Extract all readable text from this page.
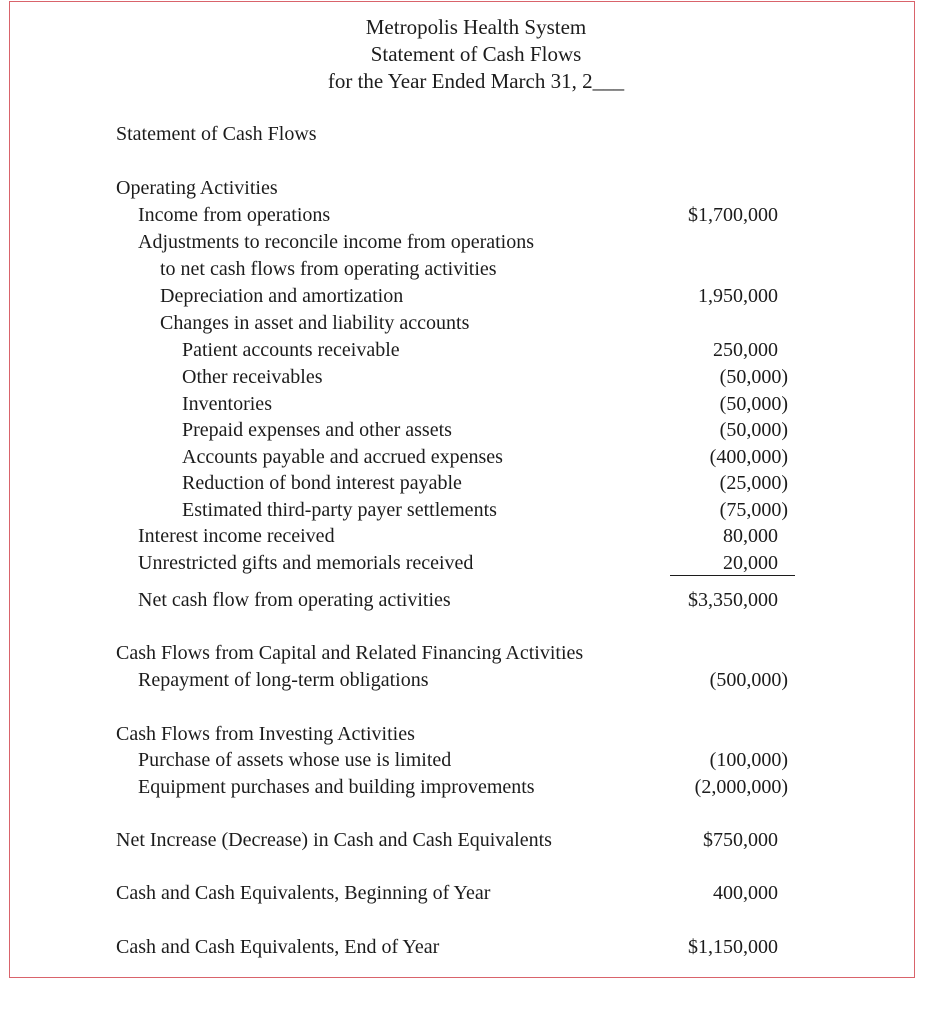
Metropolis Health System
Statement of Cash Flows
for the Year Ended March 31, 2___
Statement of Cash Flows
Operating Activities
Income from operations	$1,700,000
Adjustments to reconcile income from operations
to net cash flows from operating activities
Depreciation and amortization	1,950,000
Changes in asset and liability accounts
Patient accounts receivable	250,000
Other receivables	(50,000)
Inventories	(50,000)
Prepaid expenses and other assets	(50,000)
Accounts payable and accrued expenses	(400,000)
Reduction of bond interest payable	(25,000)
Estimated third-party payer settlements	(75,000)
Interest income received	80,000
Unrestricted gifts and memorials received	20,000
Net cash flow from operating activities	$3,350,000
Cash Flows from Capital and Related Financing Activities
Repayment of long-term obligations	(500,000)
Cash Flows from Investing Activities
Purchase of assets whose use is limited	(100,000)
Equipment purchases and building improvements	(2,000,000)
Net Increase (Decrease) in Cash and Cash Equivalents	$750,000
Cash and Cash Equivalents, Beginning of Year	400,000
Cash and Cash Equivalents, End of Year	$1,150,000
